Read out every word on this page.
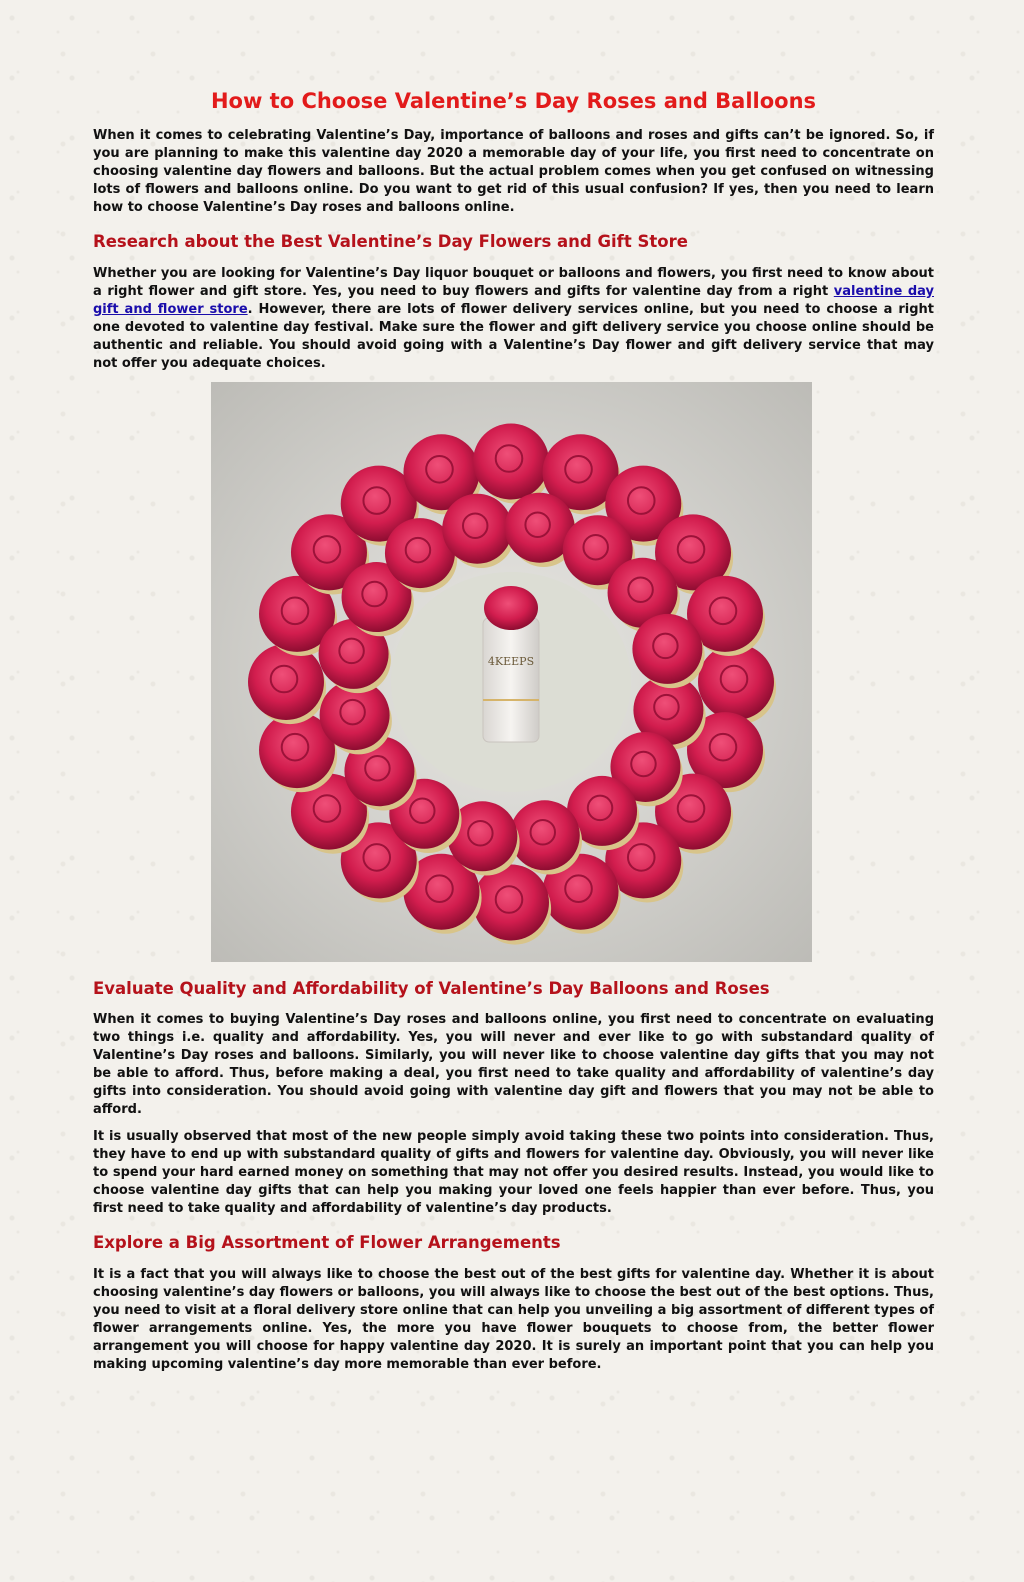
How to Choose Valentine’s Day Roses and Balloons

When it comes to celebrating Valentine’s Day, importance of balloons and roses and gifts can’t be ignored. So, if you are planning to make this valentine day 2020 a memorable day of your life, you first need to concentrate on choosing valentine day flowers and balloons. But the actual problem comes when you get confused on witnessing lots of flowers and balloons online. Do you want to get rid of this usual confusion? If yes, then you need to learn how to choose Valentine’s Day roses and balloons online.

Research about the Best Valentine’s Day Flowers and Gift Store

Whether you are looking for Valentine’s Day liquor bouquet or balloons and flowers, you first need to know about a right flower and gift store. Yes, you need to buy flowers and gifts for valentine day from a right valentine day gift and flower store. However, there are lots of flower delivery services online, but you need to choose a right one devoted to valentine day festival. Make sure the flower and gift delivery service you choose online should be authentic and reliable. You should avoid going with a Valentine’s Day flower and gift delivery service that may not offer you adequate choices.

4KEEPS
Evaluate Quality and Affordability of Valentine’s Day Balloons and Roses

When it comes to buying Valentine’s Day roses and balloons online, you first need to concentrate on evaluating two things i.e. quality and affordability. Yes, you will never and ever like to go with substandard quality of Valentine’s Day roses and balloons. Similarly, you will never like to choose valentine day gifts that you may not be able to afford. Thus, before making a deal, you first need to take quality and affordability of valentine’s day gifts into consideration. You should avoid going with valentine day gift and flowers that you may not be able to afford.

It is usually observed that most of the new people simply avoid taking these two points into consideration. Thus, they have to end up with substandard quality of gifts and flowers for valentine day. Obviously, you will never like to spend your hard earned money on something that may not offer you desired results. Instead, you would like to choose valentine day gifts that can help you making your loved one feels happier than ever before. Thus, you first need to take quality and affordability of valentine’s day products.

Explore a Big Assortment of Flower Arrangements

It is a fact that you will always like to choose the best out of the best gifts for valentine day. Whether it is about choosing valentine’s day flowers or balloons, you will always like to choose the best out of the best options. Thus, you need to visit at a floral delivery store online that can help you unveiling a big assortment of different types of flower arrangements online. Yes, the more you have flower bouquets to choose from, the better flower arrangement you will choose for happy valentine day 2020. It is surely an important point that you can help you making upcoming valentine’s day more memorable than ever before.
